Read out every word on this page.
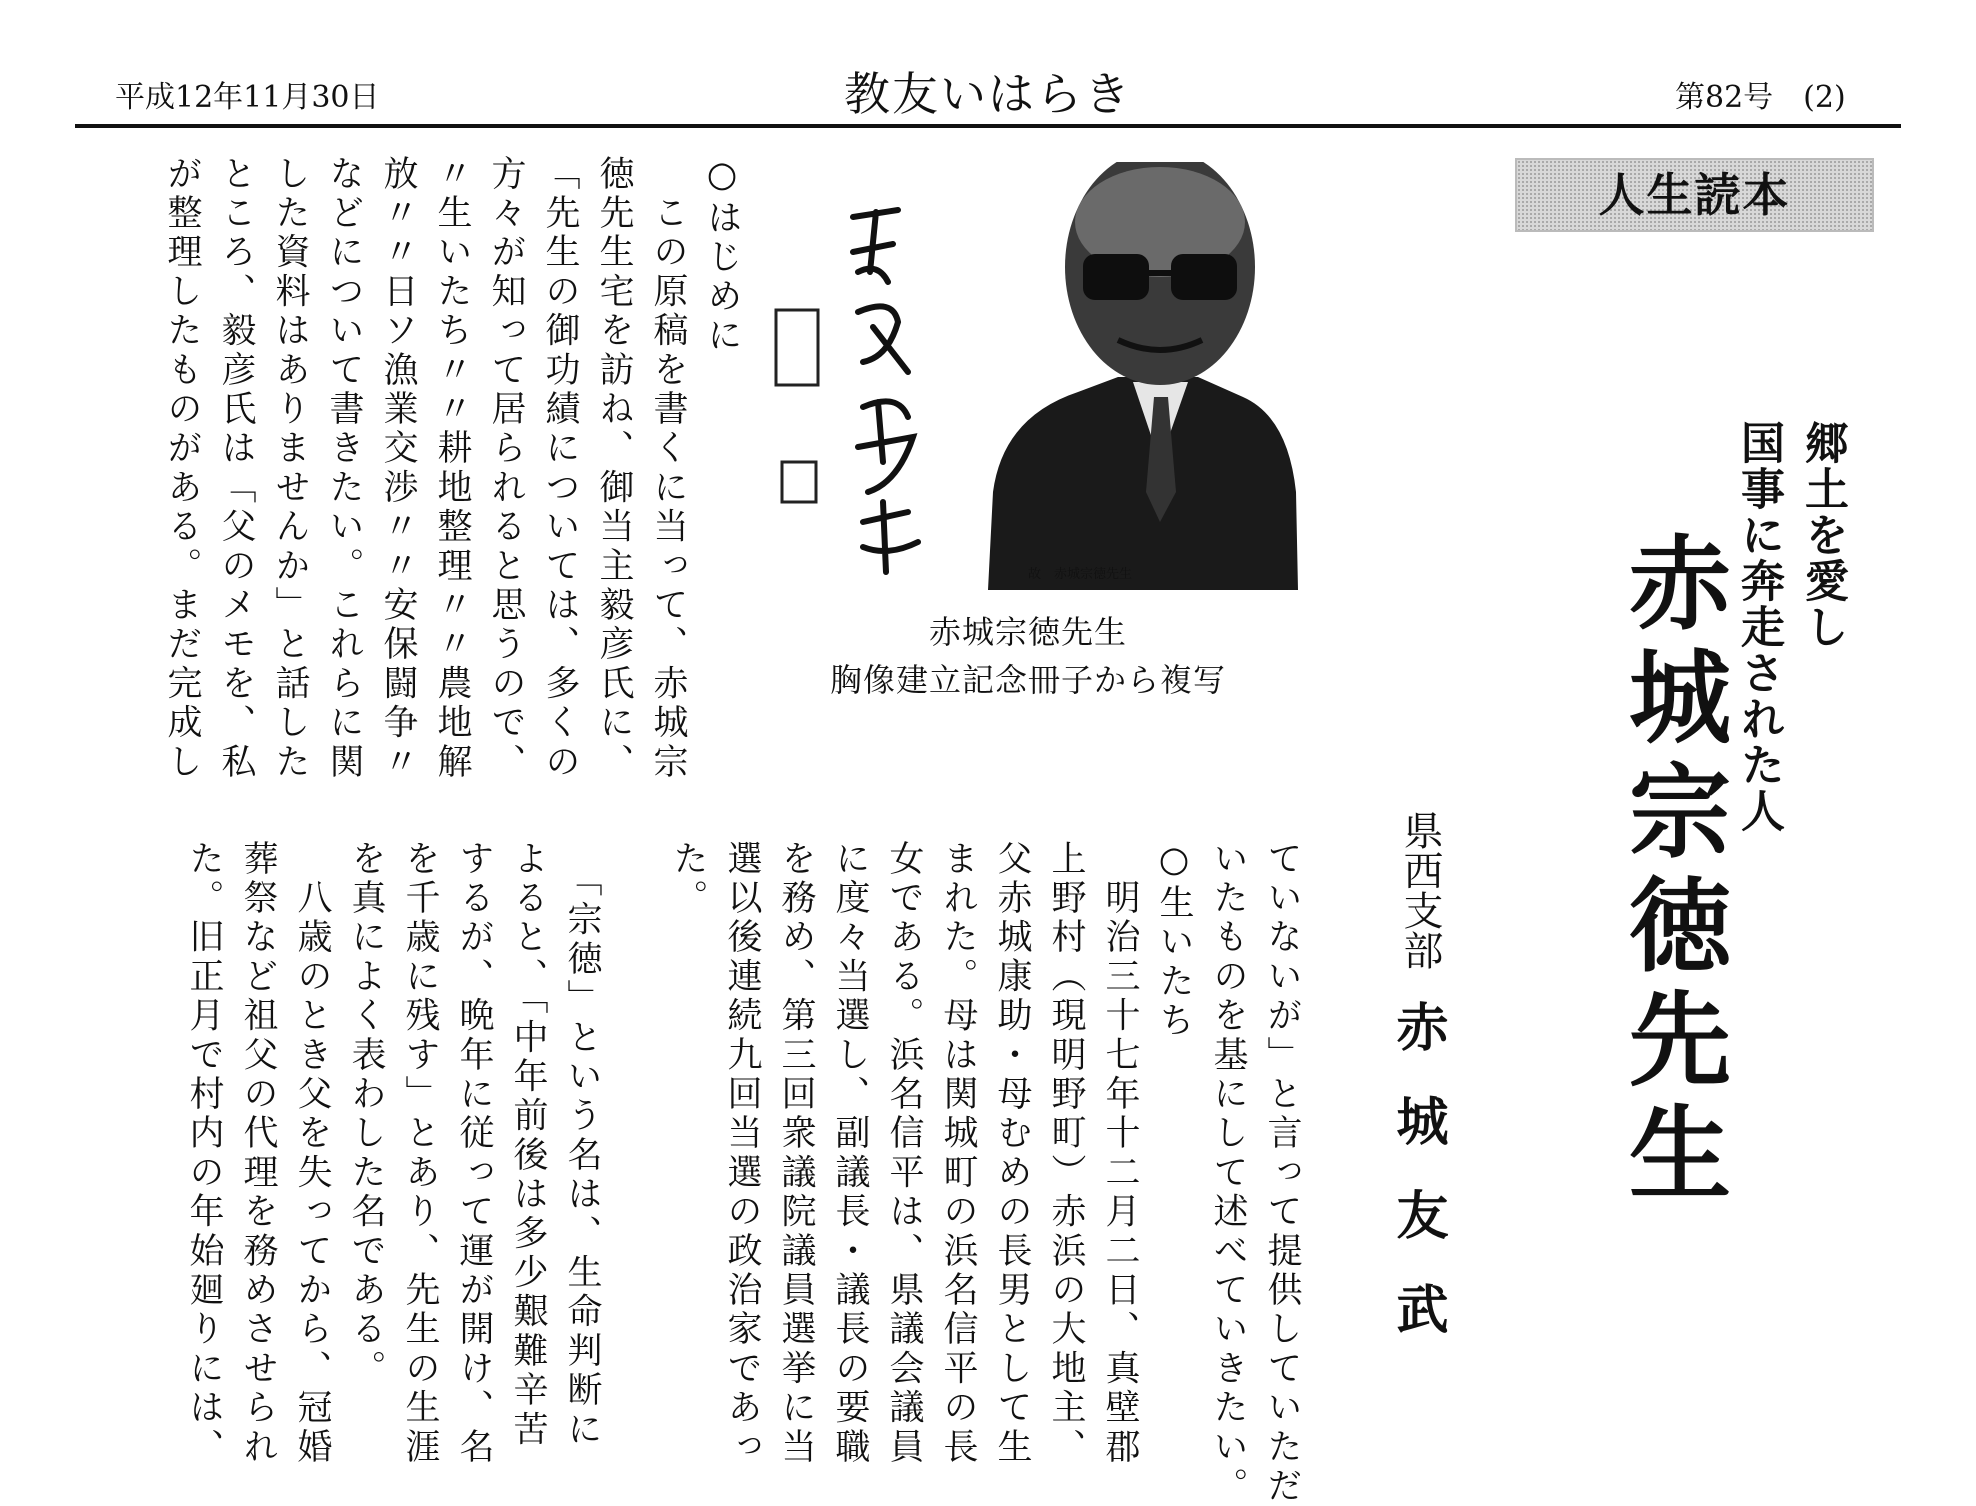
平成12年11月30日	教友いはらき	第82号　(2)
人生読本
郷土を愛し
国事に奔走された人
赤城宗徳先生
県西支部
赤城友武
故　赤城宗徳先生
赤城宗徳先生
胸像建立記念冊子から複写
○はじめに
　この原稿を書くに当って、赤城宗
徳先生宅を訪ね、御当主毅彦氏に、
「先生の御功績については、多くの
方々が知って居られると思うので、
〃生いたち〃〃耕地整理〃〃農地解
放〃〃日ソ漁業交渉〃〃安保闘争〃
などについて書きたい。これらに関
した資料はありませんか」と話した
ところ、毅彦氏は「父のメモを、私
が整理したものがある。まだ完成し
ていないが」と言って提供していただ
いたものを基にして述べていきたい。
○生いたち
　明治三十七年十二月二日、真壁郡
上野村（現明野町）赤浜の大地主、
父赤城康助・母むめの長男として生
まれた。母は関城町の浜名信平の長
女である。浜名信平は、県議会議員
に度々当選し、副議長・議長の要職
を務め、第三回衆議院議員選挙に当
選以後連続九回当選の政治家であっ
た。
　「宗徳」という名は、生命判断に
よると、「中年前後は多少艱難辛苦
するが、晩年に従って運が開け、名
を千歳に残す」とあり、先生の生涯
を真によく表わした名である。
　八歳のとき父を失ってから、冠婚
葬祭など祖父の代理を務めさせられ
た。旧正月で村内の年始廻りには、
